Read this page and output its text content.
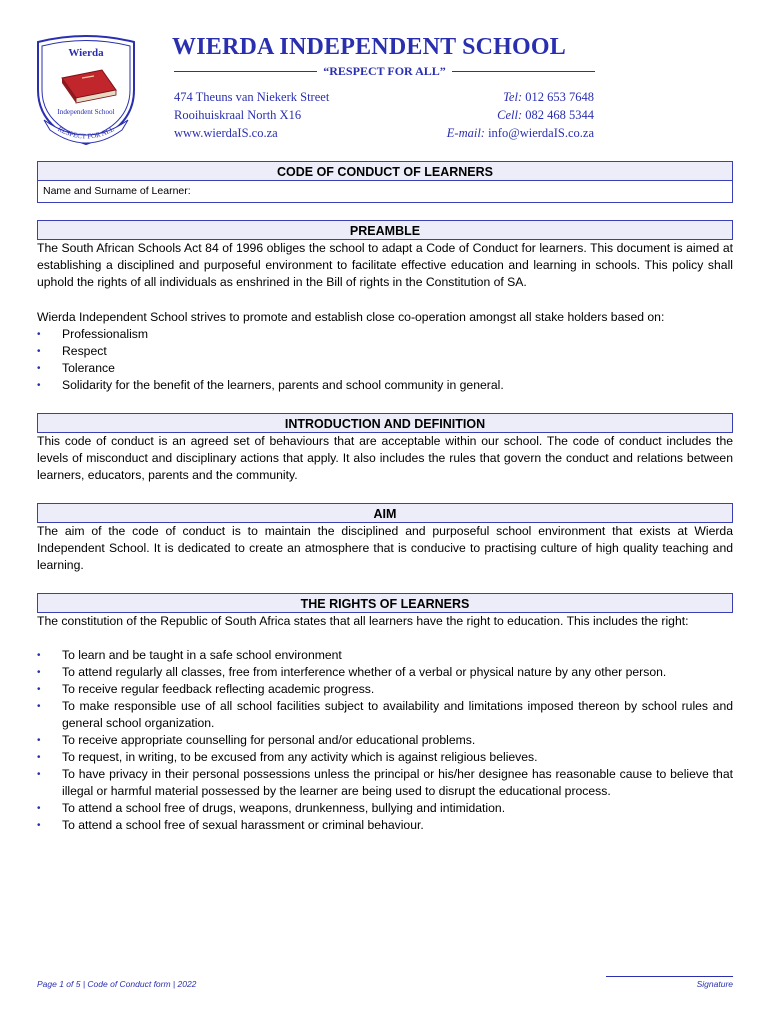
Wierda
Independent School
RESPECT FOR ALL
WIERDA INDEPENDENT SCHOOL
“RESPECT FOR ALL”
474 Theuns van Niekerk Street
Rooihuiskraal North X16
www.wierdaIS.co.za
Tel: 012 653 7648
Cell: 082 468 5344
E-mail: info@wierdaIS.co.za
CODE OF CONDUCT OF LEARNERS
Name and Surname of Learner:
PREAMBLE
The South African Schools Act 84 of 1996 obliges the school to adapt a Code of Conduct for learners. This document is aimed at establishing a disciplined and purposeful environment to facilitate effective education and learning in schools. This policy shall uphold the rights of all individuals as enshrined in the Bill of rights in the Constitution of SA.
Wierda Independent School strives to promote and establish close co-operation amongst all stake holders based on:
• Professionalism
• Respect
• Tolerance
• Solidarity for the benefit of the learners, parents and school community in general.
INTRODUCTION AND DEFINITION
This code of conduct is an agreed set of behaviours that are acceptable within our school. The code of conduct includes the levels of misconduct and disciplinary actions that apply. It also includes the rules that govern the conduct and relations between learners, educators, parents and the community.
AIM
The aim of the code of conduct is to maintain the disciplined and purposeful school environment that exists at Wierda Independent School. It is dedicated to create an atmosphere that is conducive to practising culture of high quality teaching and learning.
THE RIGHTS OF LEARNERS
The constitution of the Republic of South Africa states that all learners have the right to education. This includes the right:
• To learn and be taught in a safe school environment
• To attend regularly all classes, free from interference whether of a verbal or physical nature by any other person.
• To receive regular feedback reflecting academic progress.
• To make responsible use of all school facilities subject to availability and limitations imposed thereon by school rules and general school organization.
• To receive appropriate counselling for personal and/or educational problems.
• To request, in writing, to be excused from any activity which is against religious believes.
• To have privacy in their personal possessions unless the principal or his/her designee has reasonable cause to believe that illegal or harmful material possessed by the learner are being used to disrupt the educational process.
• To attend a school free of drugs, weapons, drunkenness, bullying and intimidation.
• To attend a school free of sexual harassment or criminal behaviour.
Page 1 of 5 | Code of Conduct form | 2022	Signature
